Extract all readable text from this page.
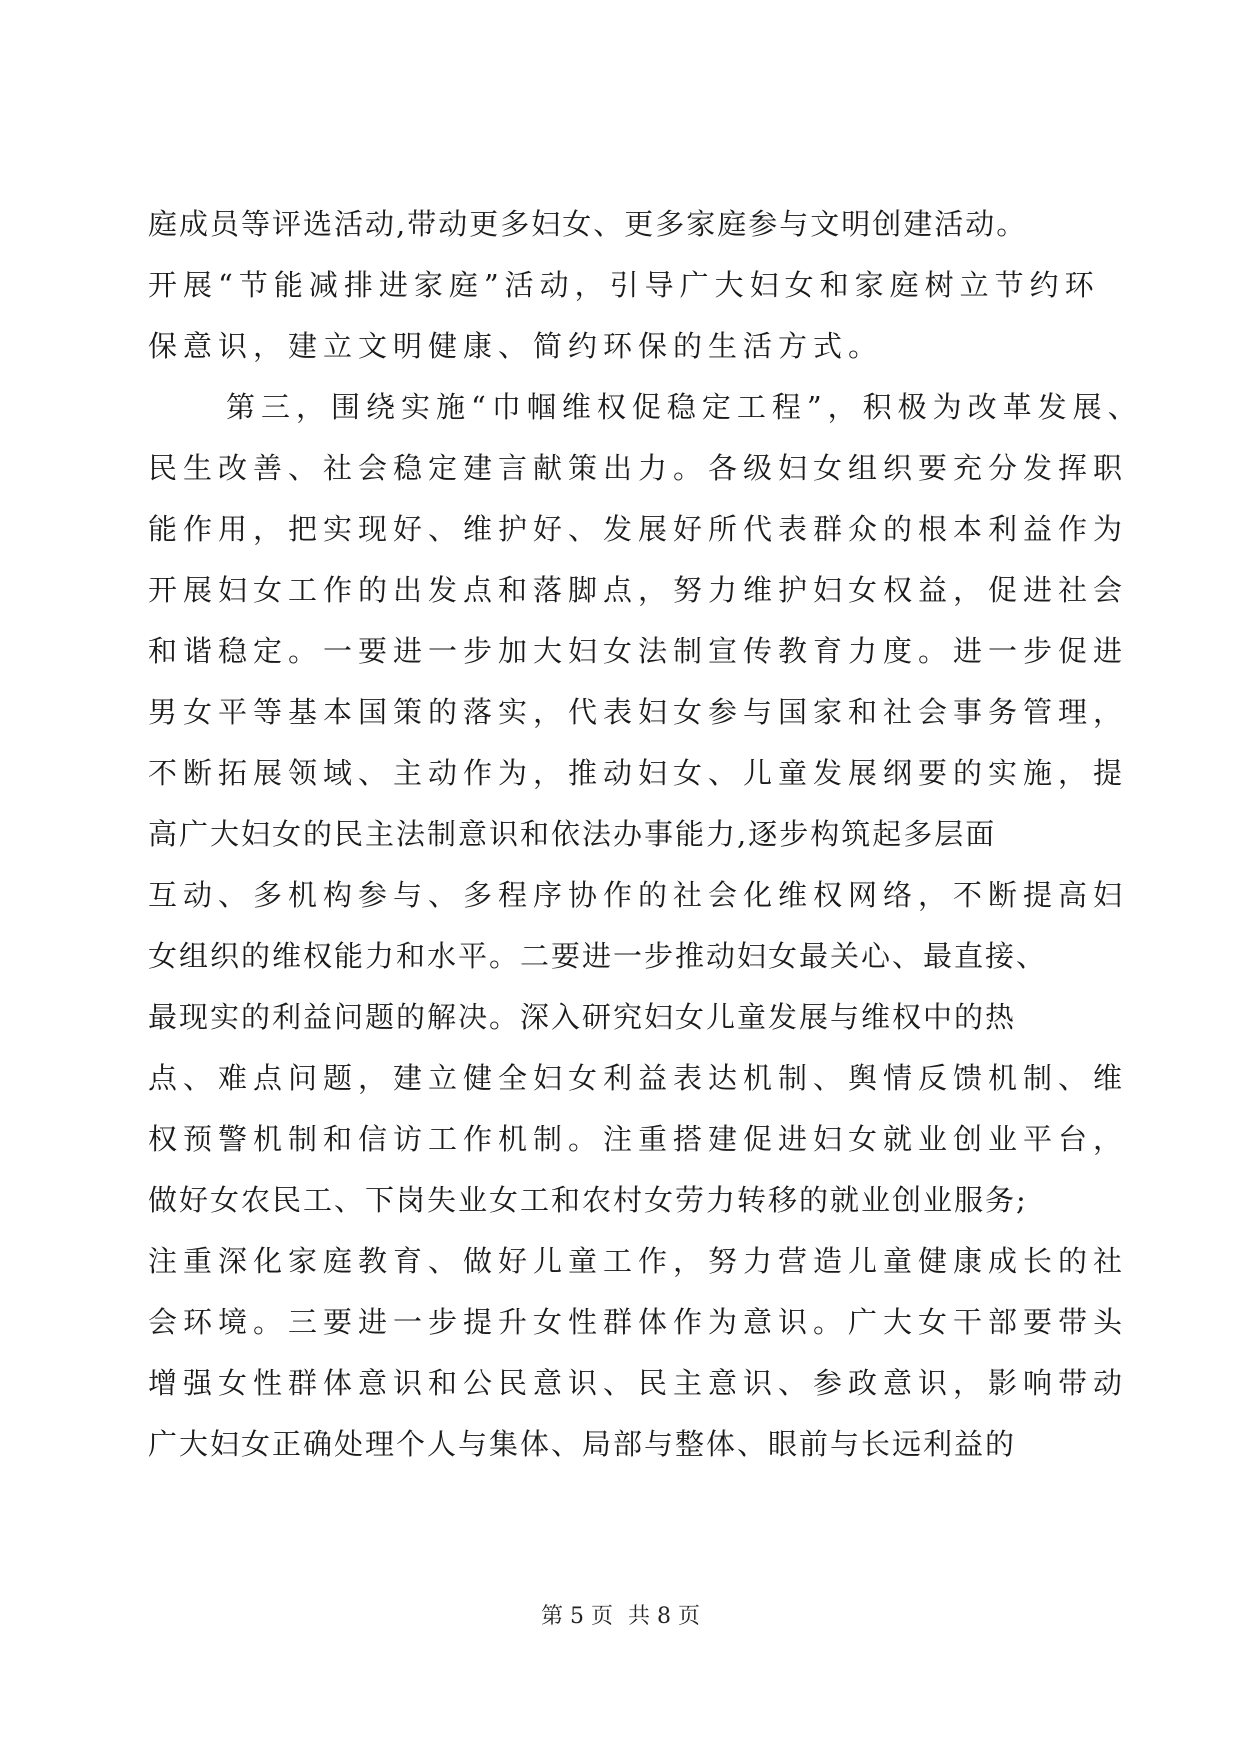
庭成员等评选活动,带动更多妇女、更多家庭参与文明创建活动。
开展“节能减排进家庭”活动，引导广大妇女和家庭树立节约环
保意识，建立文明健康、简约环保的生活方式。
第三，围绕实施“巾帼维权促稳定工程”，积极为改革发展、
民生改善、社会稳定建言献策出力。各级妇女组织要充分发挥职
能作用，把实现好、维护好、发展好所代表群众的根本利益作为
开展妇女工作的出发点和落脚点，努力维护妇女权益，促进社会
和谐稳定。一要进一步加大妇女法制宣传教育力度。进一步促进
男女平等基本国策的落实，代表妇女参与国家和社会事务管理，
不断拓展领域、主动作为，推动妇女、儿童发展纲要的实施，提
高广大妇女的民主法制意识和依法办事能力,逐步构筑起多层面
互动、多机构参与、多程序协作的社会化维权网络，不断提高妇
女组织的维权能力和水平。二要进一步推动妇女最关心、最直接、
最现实的利益问题的解决。深入研究妇女儿童发展与维权中的热
点、难点问题，建立健全妇女利益表达机制、舆情反馈机制、维
权预警机制和信访工作机制。注重搭建促进妇女就业创业平台，
做好女农民工、下岗失业女工和农村女劳力转移的就业创业服务;
注重深化家庭教育、做好儿童工作，努力营造儿童健康成长的社
会环境。三要进一步提升女性群体作为意识。广大女干部要带头
增强女性群体意识和公民意识、民主意识、参政意识，影响带动
广大妇女正确处理个人与集体、局部与整体、眼前与长远利益的
第 5 页 共 8 页
